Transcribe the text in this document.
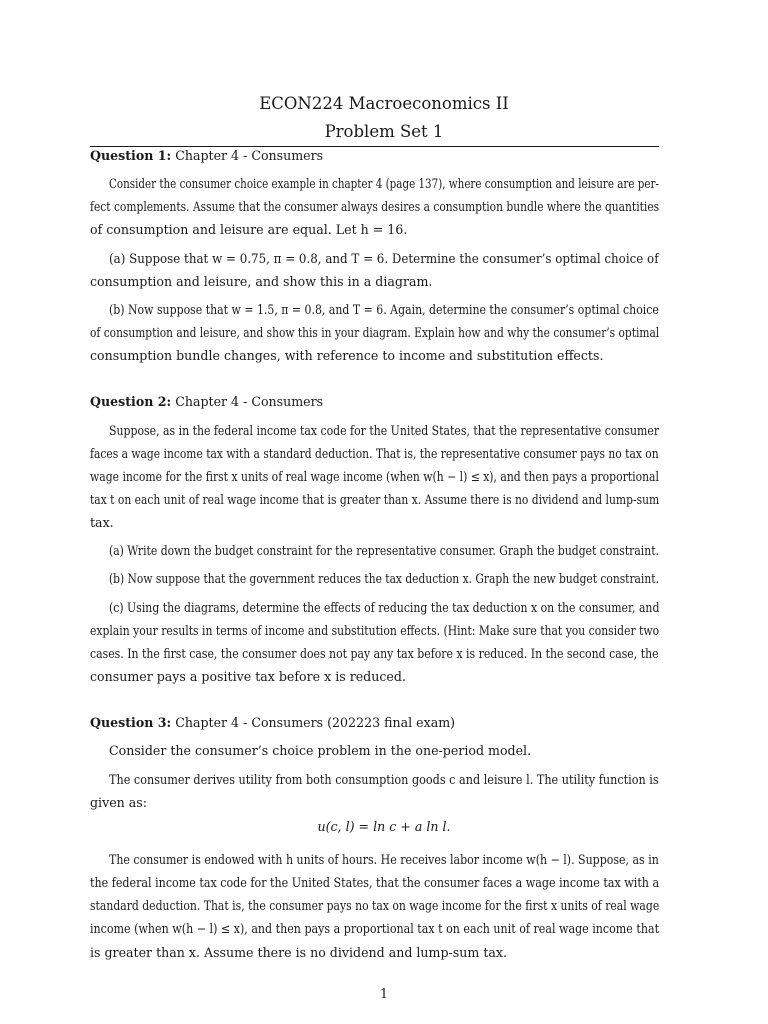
ECON224 Macroeconomics II
Problem Set 1
Question 1: Chapter 4 - Consumers
Consider the consumer choice example in chapter 4 (page 137), where consumption and leisure are per-
fect complements. Assume that the consumer always desires a consumption bundle where the quantities
of consumption and leisure are equal. Let h = 16.
(a) Suppose that w = 0.75, π = 0.8, and T = 6. Determine the consumer’s optimal choice of
consumption and leisure, and show this in a diagram.
(b) Now suppose that w = 1.5, π = 0.8, and T = 6. Again, determine the consumer’s optimal choice
of consumption and leisure, and show this in your diagram. Explain how and why the consumer’s optimal
consumption bundle changes, with reference to income and substitution effects.
Question 2: Chapter 4 - Consumers
Suppose, as in the federal income tax code for the United States, that the representative consumer
faces a wage income tax with a standard deduction. That is, the representative consumer pays no tax on
wage income for the first x units of real wage income (when w(h − l) ≤ x), and then pays a proportional
tax t on each unit of real wage income that is greater than x. Assume there is no dividend and lump-sum
tax.
(a) Write down the budget constraint for the representative consumer. Graph the budget constraint.
(b) Now suppose that the government reduces the tax deduction x. Graph the new budget constraint.
(c) Using the diagrams, determine the effects of reducing the tax deduction x on the consumer, and
explain your results in terms of income and substitution effects. (Hint: Make sure that you consider two
cases. In the first case, the consumer does not pay any tax before x is reduced. In the second case, the
consumer pays a positive tax before x is reduced.
Question 3: Chapter 4 - Consumers (202223 final exam)
Consider the consumer’s choice problem in the one-period model.
The consumer derives utility from both consumption goods c and leisure l. The utility function is
given as:
u(c, l) = ln c + a ln l.
The consumer is endowed with h units of hours. He receives labor income w(h − l). Suppose, as in
the federal income tax code for the United States, that the consumer faces a wage income tax with a
standard deduction. That is, the consumer pays no tax on wage income for the first x units of real wage
income (when w(h − l) ≤ x), and then pays a proportional tax t on each unit of real wage income that
is greater than x. Assume there is no dividend and lump-sum tax.
1
